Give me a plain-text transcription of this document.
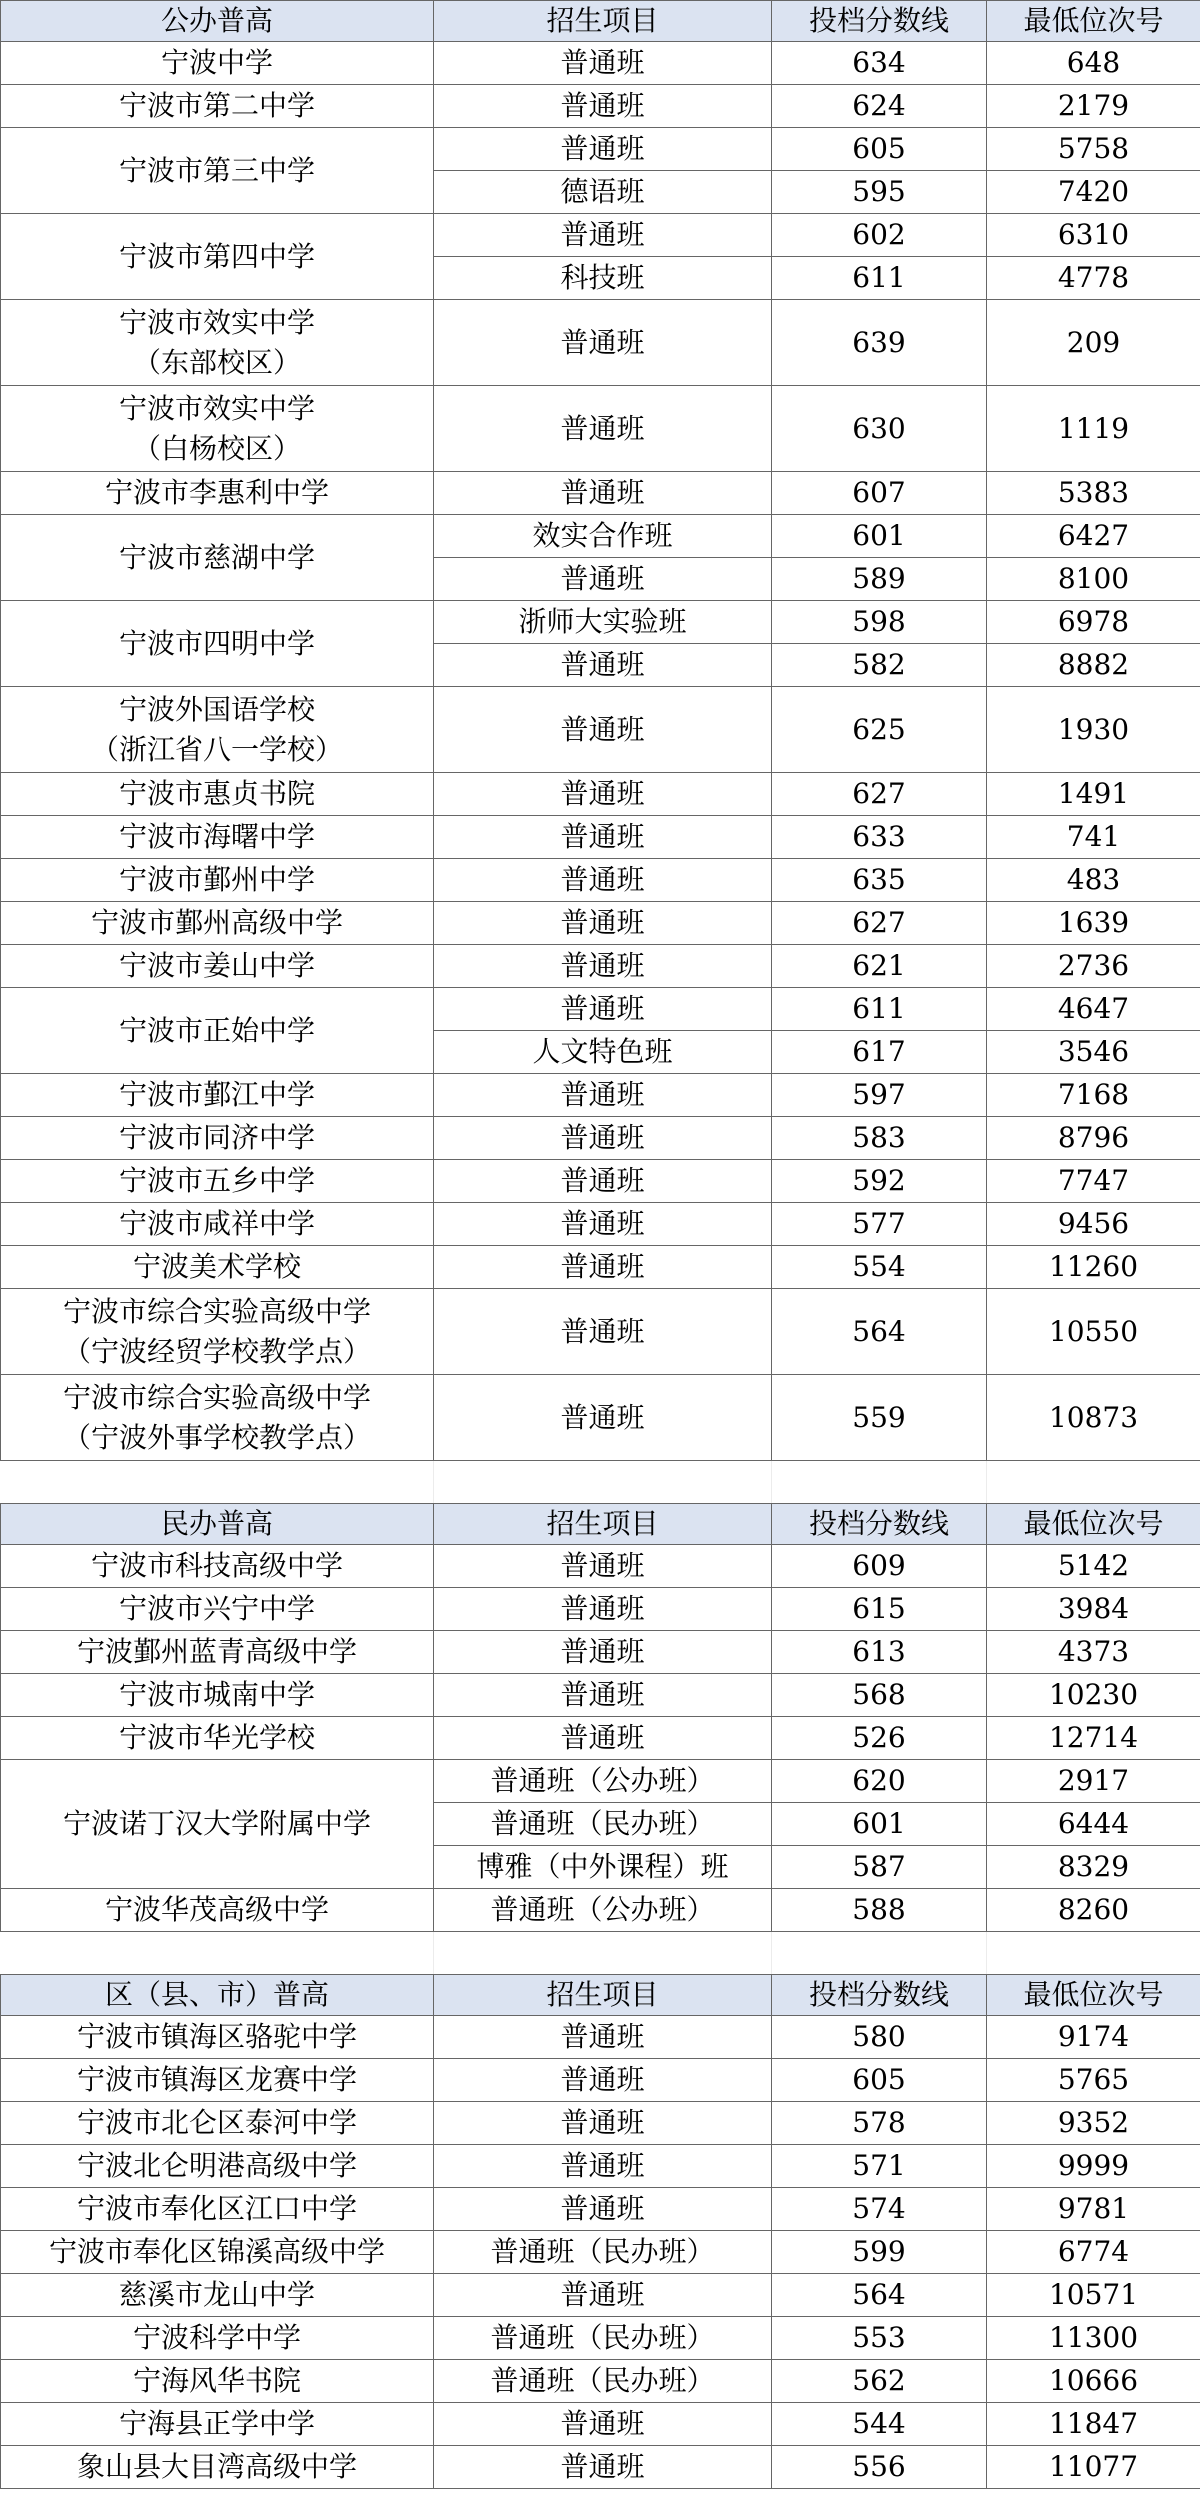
公办普高	招生项目	投档分数线	最低位次号
宁波中学	普通班	634	648
宁波市第二中学	普通班	624	2179
宁波市第三中学	普通班	605	5758
	德语班	595	7420
宁波市第四中学	普通班	602	6310
	科技班	611	4778

宁波市效实中学
（东部校区）	普通班	639	209

宁波市效实中学
（白杨校区）	普通班	630	1119
宁波市李惠利中学	普通班	607	5383
宁波市慈湖中学	效实合作班	601	6427
	普通班	589	8100
宁波市四明中学	浙师大实验班	598	6978
	普通班	582	8882

宁波外国语学校
（浙江省八一学校）	普通班	625	1930
宁波市惠贞书院	普通班	627	1491
宁波市海曙中学	普通班	633	741
宁波市鄞州中学	普通班	635	483
宁波市鄞州高级中学	普通班	627	1639
宁波市姜山中学	普通班	621	2736
宁波市正始中学	普通班	611	4647
	人文特色班	617	3546
宁波市鄞江中学	普通班	597	7168
宁波市同济中学	普通班	583	8796
宁波市五乡中学	普通班	592	7747
宁波市咸祥中学	普通班	577	9456
宁波美术学校	普通班	554	11260

宁波市综合实验高级中学
（宁波经贸学校教学点）	普通班	564	10550

宁波市综合实验高级中学
（宁波外事学校教学点）	普通班	559	10873

民办普高	招生项目	投档分数线	最低位次号
宁波市科技高级中学	普通班	609	5142
宁波市兴宁中学	普通班	615	3984
宁波鄞州蓝青高级中学	普通班	613	4373
宁波市城南中学	普通班	568	10230
宁波市华光学校	普通班	526	12714
宁波诺丁汉大学附属中学	普通班（公办班）	620	2917
	普通班（民办班）	601	6444
	博雅（中外课程）班	587	8329
宁波华茂高级中学	普通班（公办班）	588	8260

区（县、市）普高	招生项目	投档分数线	最低位次号
宁波市镇海区骆驼中学	普通班	580	9174
宁波市镇海区龙赛中学	普通班	605	5765
宁波市北仑区泰河中学	普通班	578	9352
宁波北仑明港高级中学	普通班	571	9999
宁波市奉化区江口中学	普通班	574	9781
宁波市奉化区锦溪高级中学	普通班（民办班）	599	6774
慈溪市龙山中学	普通班	564	10571
宁波科学中学	普通班（民办班）	553	11300
宁海风华书院	普通班（民办班）	562	10666
宁海县正学中学	普通班	544	11847
象山县大目湾高级中学	普通班	556	11077
